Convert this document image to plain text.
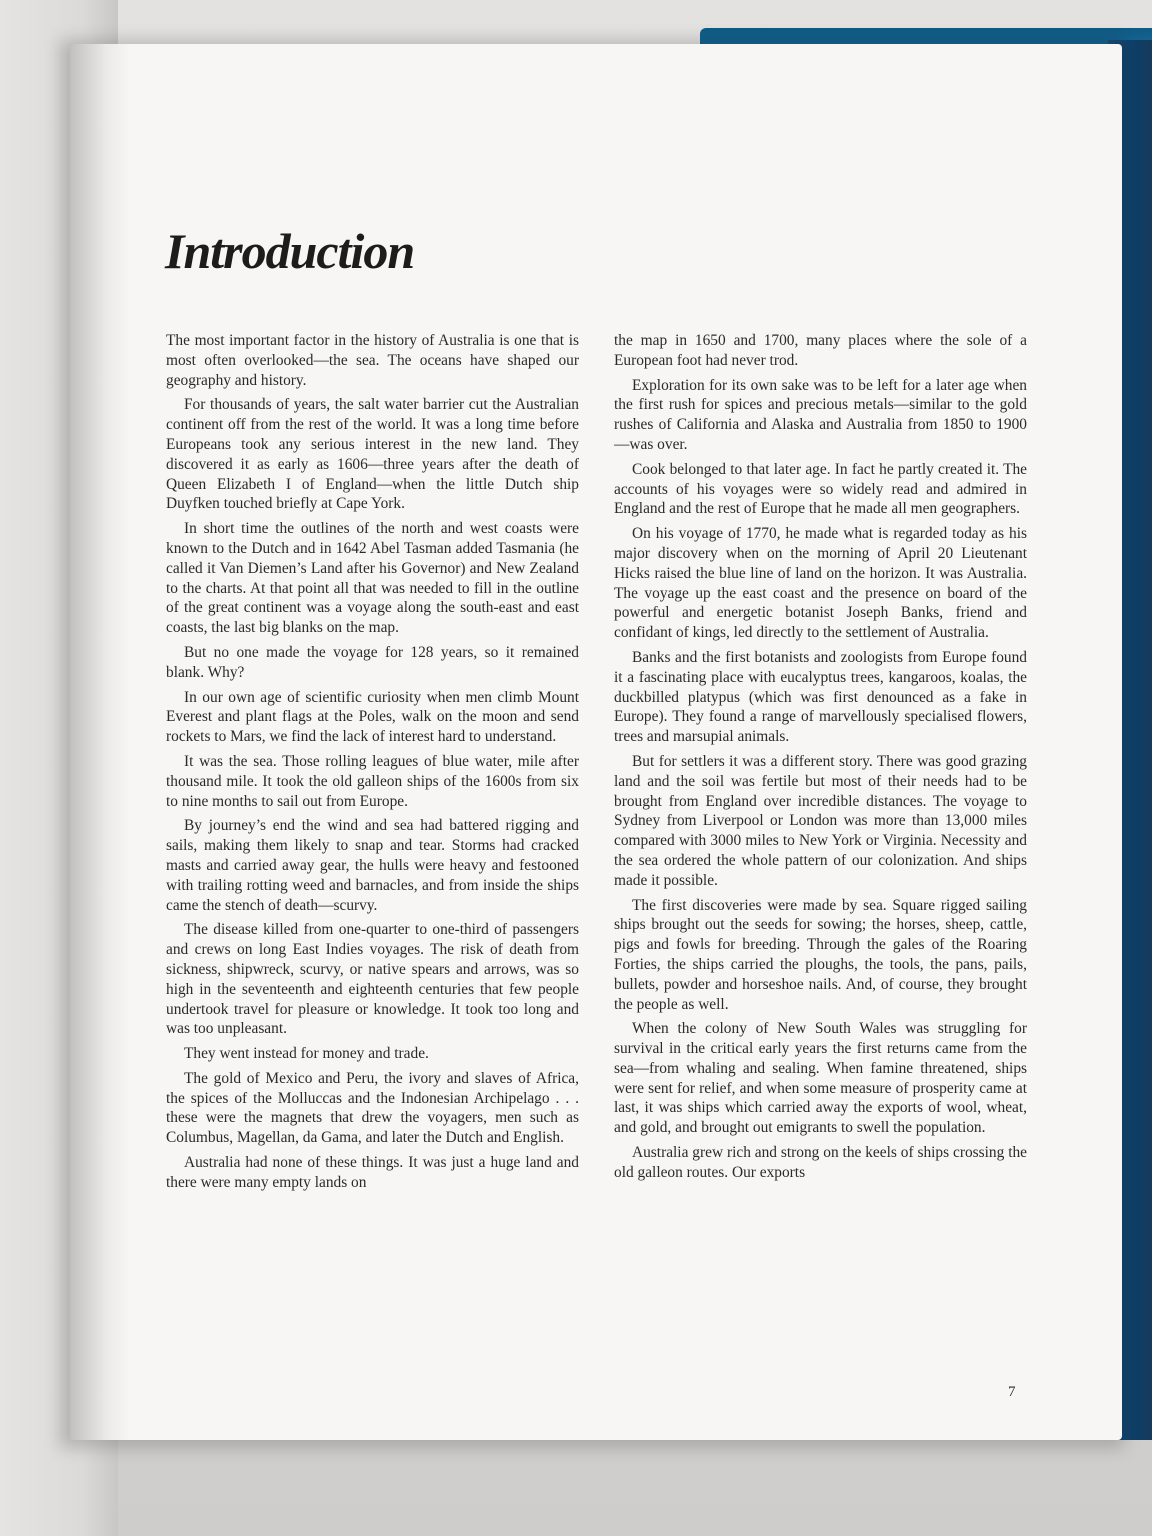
Introduction

The most important factor in the history of Australia is one that is most often overlooked—the sea. The oceans have shaped our geography and history.

For thousands of years, the salt water barrier cut the Australian continent off from the rest of the world. It was a long time before Europeans took any serious interest in the new land. They discovered it as early as 1606—three years after the death of Queen Elizabeth I of England—when the little Dutch ship Duyfken touched briefly at Cape York.

In short time the outlines of the north and west coasts were known to the Dutch and in 1642 Abel Tasman added Tasmania (he called it Van Diemen’s Land after his Governor) and New Zealand to the charts. At that point all that was needed to fill in the outline of the great continent was a voyage along the south-east and east coasts, the last big blanks on the map.

But no one made the voyage for 128 years, so it remained blank. Why?

In our own age of scientific curiosity when men climb Mount Everest and plant flags at the Poles, walk on the moon and send rockets to Mars, we find the lack of interest hard to understand.

It was the sea. Those rolling leagues of blue water, mile after thousand mile. It took the old galleon ships of the 1600s from six to nine months to sail out from Europe.

By journey’s end the wind and sea had battered rigging and sails, making them likely to snap and tear. Storms had cracked masts and carried away gear, the hulls were heavy and festooned with trailing rotting weed and barnacles, and from inside the ships came the stench of death—scurvy.

The disease killed from one-quarter to one-third of passengers and crews on long East Indies voyages. The risk of death from sickness, shipwreck, scurvy, or native spears and arrows, was so high in the seventeenth and eighteenth centuries that few people undertook travel for pleasure or knowledge. It took too long and was too unpleasant.

They went instead for money and trade.

The gold of Mexico and Peru, the ivory and slaves of Africa, the spices of the Molluccas and the Indonesian Archipelago . . . these were the magnets that drew the voyagers, men such as Columbus, Magellan, da Gama, and later the Dutch and English.

Australia had none of these things. It was just a huge land and there were many empty lands on

the map in 1650 and 1700, many places where the sole of a European foot had never trod.

Exploration for its own sake was to be left for a later age when the first rush for spices and precious metals—similar to the gold rushes of California and Alaska and Australia from 1850 to 1900—was over.

Cook belonged to that later age. In fact he partly created it. The accounts of his voyages were so widely read and admired in England and the rest of Europe that he made all men geographers.

On his voyage of 1770, he made what is regarded today as his major discovery when on the morning of April 20 Lieutenant Hicks raised the blue line of land on the horizon. It was Australia. The voyage up the east coast and the presence on board of the powerful and energetic botanist Joseph Banks, friend and confidant of kings, led directly to the settlement of Australia.

Banks and the first botanists and zoologists from Europe found it a fascinating place with eucalyptus trees, kangaroos, koalas, the duckbilled platypus (which was first denounced as a fake in Europe). They found a range of marvellously specialised flowers, trees and marsupial animals.

But for settlers it was a different story. There was good grazing land and the soil was fertile but most of their needs had to be brought from England over incredible distances. The voyage to Sydney from Liverpool or London was more than 13,000 miles compared with 3000 miles to New York or Virginia. Necessity and the sea ordered the whole pattern of our colonization. And ships made it possible.

The first discoveries were made by sea. Square rigged sailing ships brought out the seeds for sowing; the horses, sheep, cattle, pigs and fowls for breeding. Through the gales of the Roaring Forties, the ships carried the ploughs, the tools, the pans, pails, bullets, powder and horseshoe nails. And, of course, they brought the people as well.

When the colony of New South Wales was struggling for survival in the critical early years the first returns came from the sea—from whaling and sealing. When famine threatened, ships were sent for relief, and when some measure of prosperity came at last, it was ships which carried away the exports of wool, wheat, and gold, and brought out emigrants to swell the population.

Australia grew rich and strong on the keels of ships crossing the old galleon routes. Our exports

7
